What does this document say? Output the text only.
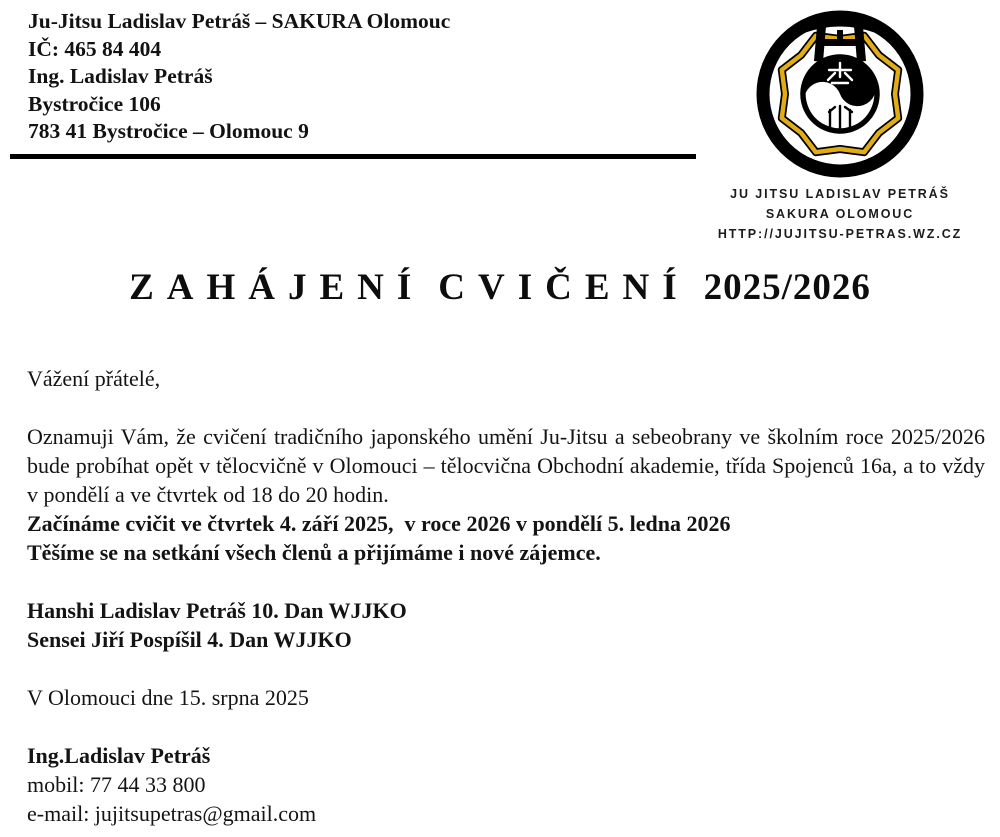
Ju-Jitsu Ladislav Petráš – SAKURA Olomouc
IČ: 465 84 404
Ing. Ladislav Petráš
Bystročice 106
783 41 Bystročice – Olomouc 9
JU JITSU LADISLAV PETRÁŠ
SAKURA OLOMOUC
HTTP://JUJITSU-PETRAS.WZ.CZ
ZAHÁJENÍ CVIČENÍ 2025/2026
Vážení přátelé,

Oznamuji Vám, že cvičení tradičního japonského umění Ju-Jitsu a sebeobrany ve školním roce 2025/2026 bude probíhat opět v tělocvičně v Olomouci – tělocvična Obchodní akademie, třída Spojenců 16a, a to vždy v pondělí a ve čtvrtek od 18 do 20 hodin.

Začínáme cvičit ve čtvrtek 4. září 2025,  v roce 2026 v pondělí 5. ledna 2026
Těšíme se na setkání všech členů a přijímáme i nové zájemce.
Hanshi Ladislav Petráš 10. Dan WJJKO
Sensei Jiří Pospíšil 4. Dan WJJKO
V Olomouci dne 15. srpna 2025
Ing.Ladislav Petráš
mobil: 77 44 33 800
e-mail: jujitsupetras@gmail.com
